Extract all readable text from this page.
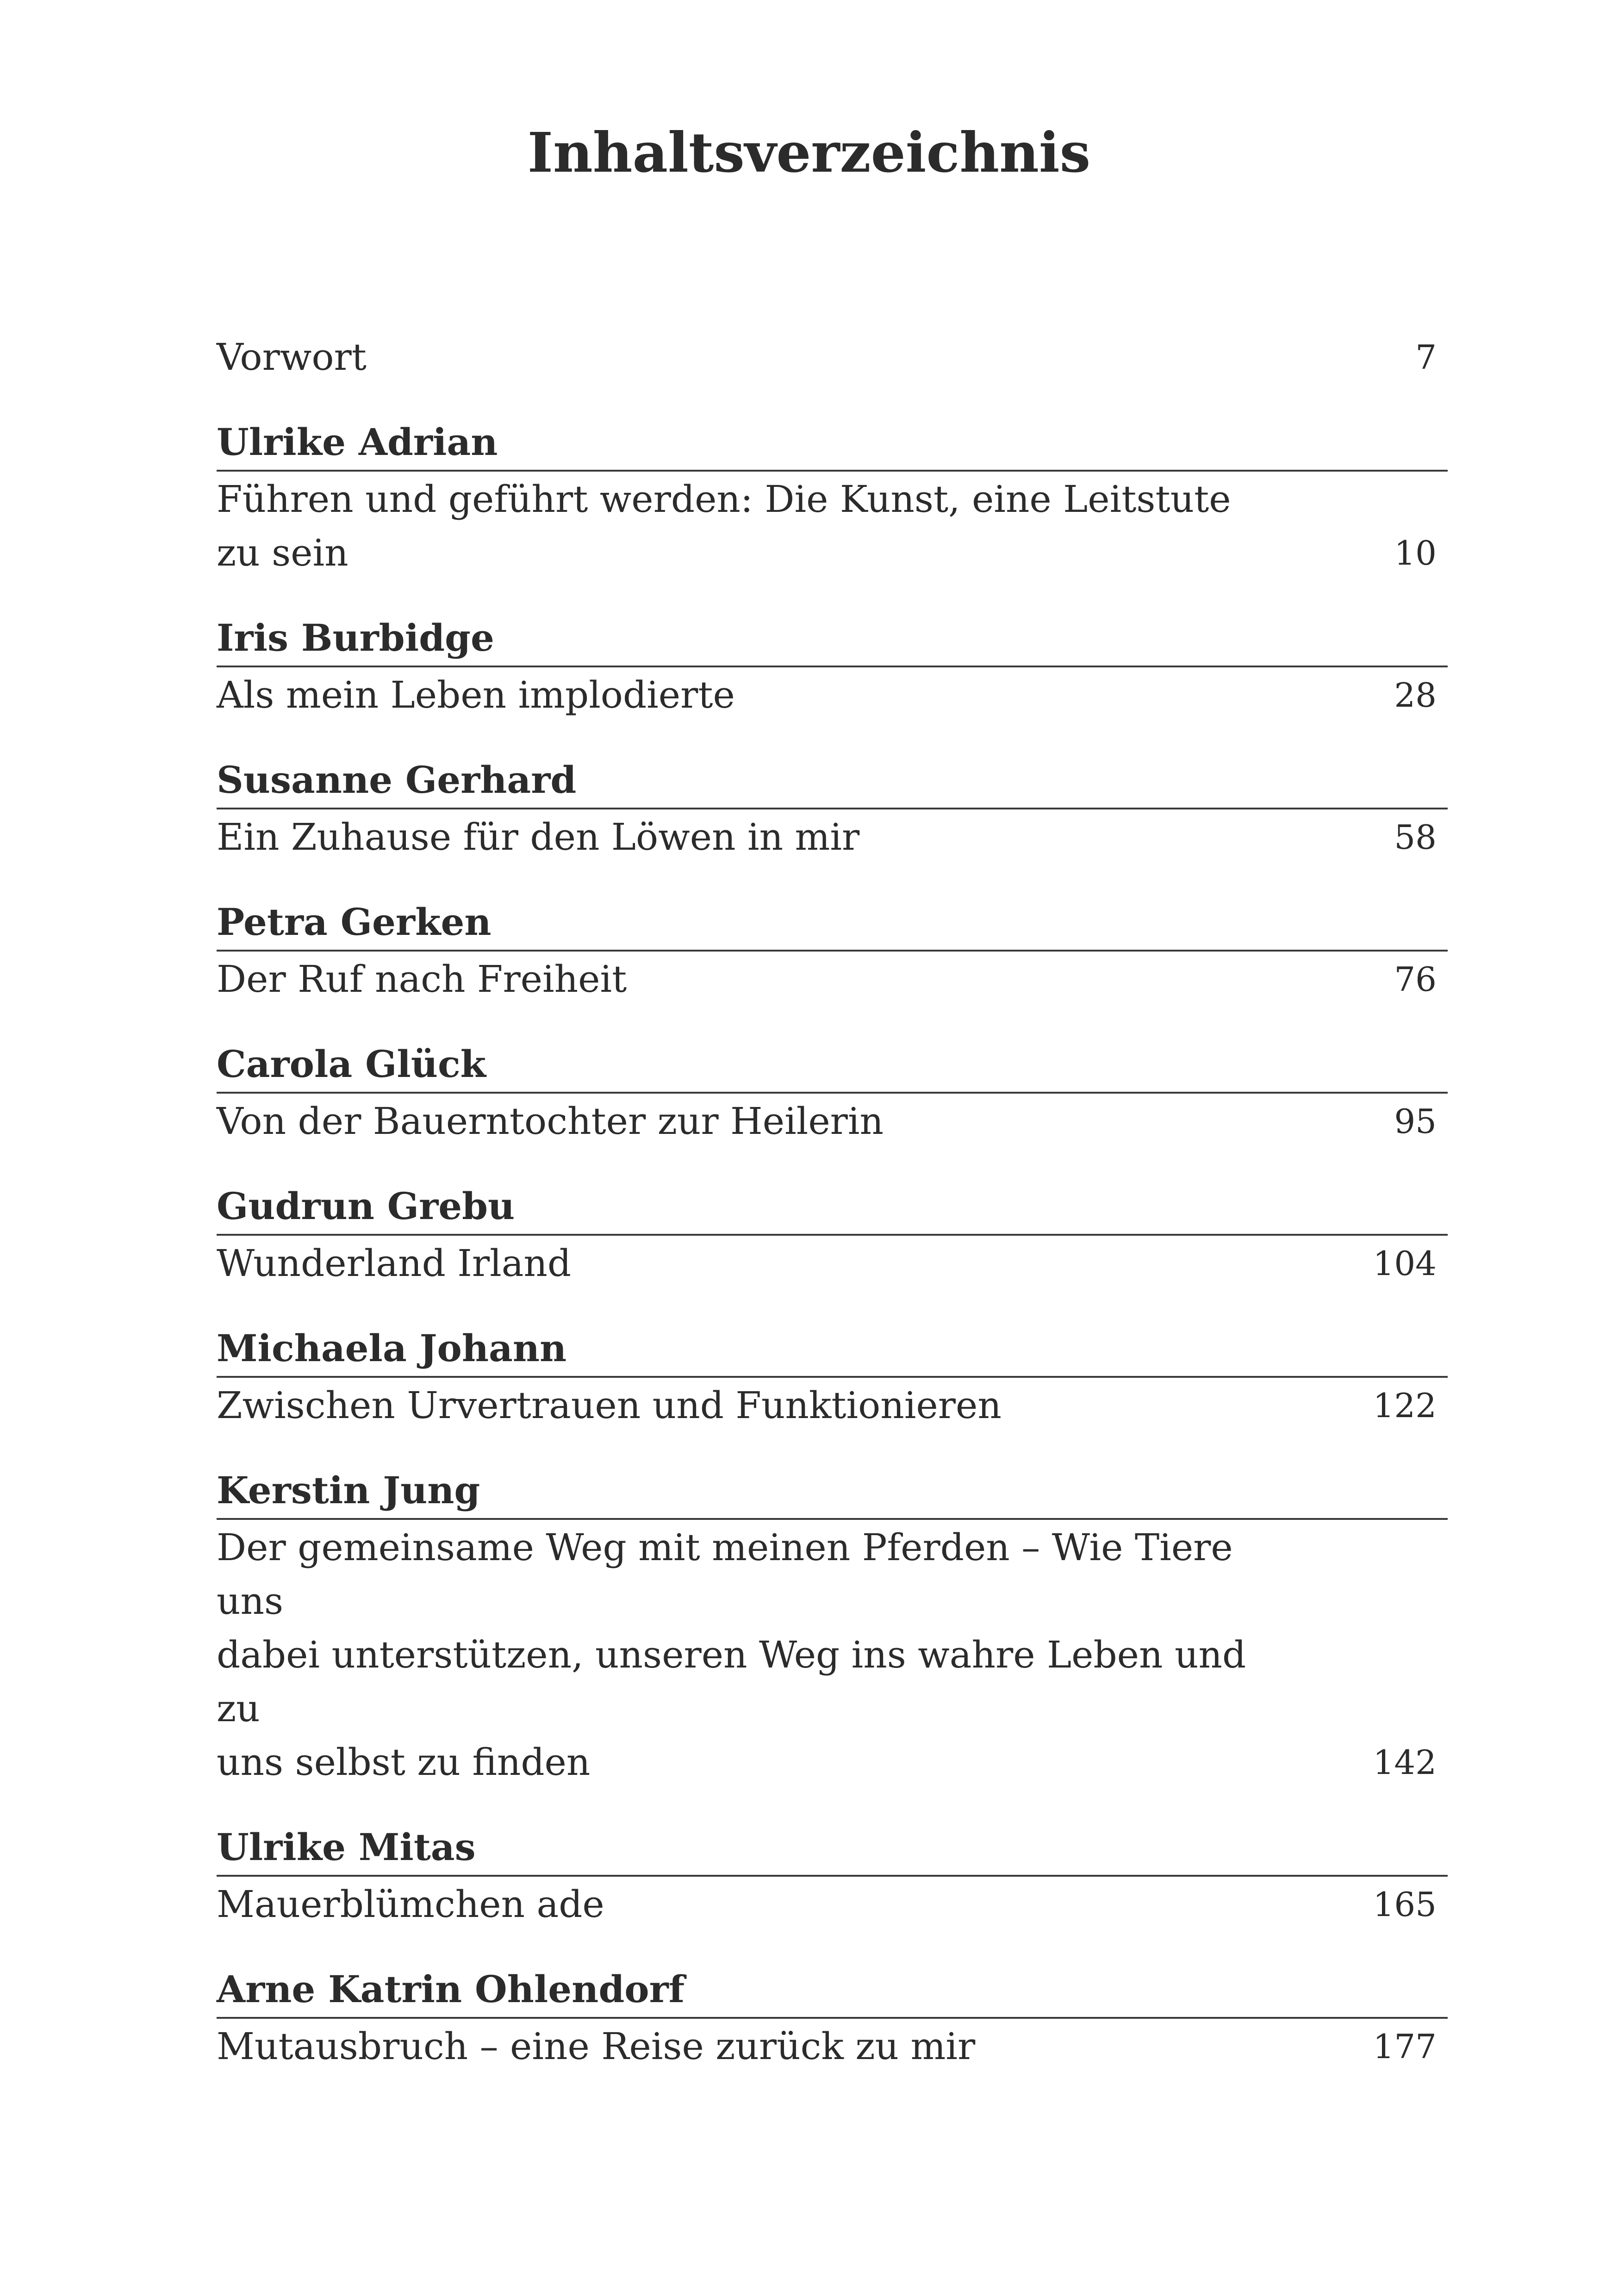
Inhaltsverzeichnis
Vorwort	7
Ulrike Adrian
Führen und geführt werden: Die Kunst, eine Leitstute zu sein	10
Iris Burbidge
Als mein Leben implodierte	28
Susanne Gerhard
Ein Zuhause für den Löwen in mir	58
Petra Gerken
Der Ruf nach Freiheit	76
Carola Glück
Von der Bauerntochter zur Heilerin	95
Gudrun Grebu
Wunderland Irland	104
Michaela Johann
Zwischen Urvertrauen und Funktionieren	122
Kerstin Jung
Der gemeinsame Weg mit meinen Pferden – Wie Tiere uns
dabei unterstützen, unseren Weg ins wahre Leben und zu
uns selbst zu finden	142
Ulrike Mitas
Mauerblümchen ade	165
Arne Katrin Ohlendorf
Mutausbruch – eine Reise zurück zu mir	177
